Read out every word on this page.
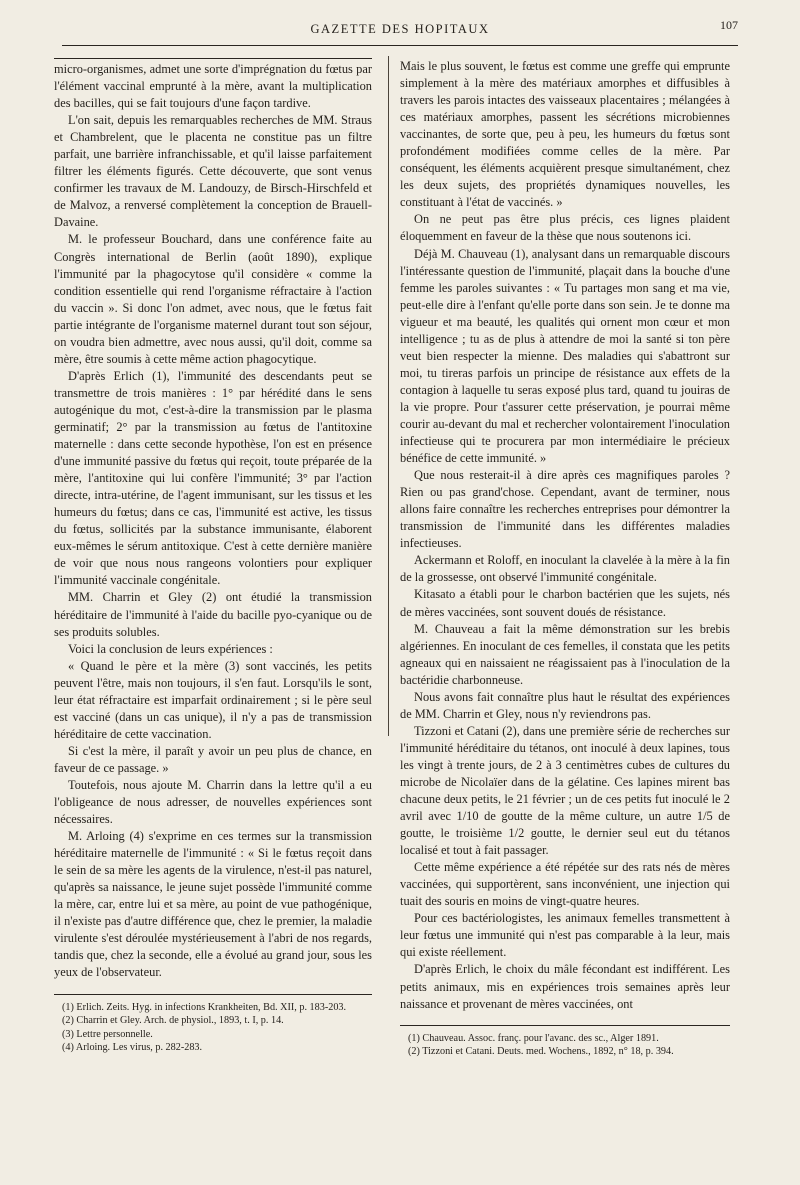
GAZETTE DES HOPITAUX	107

micro-organismes, admet une sorte d'imprégnation du fœtus par l'élément vaccinal emprunté à la mère, avant la multiplication des bacilles, qui se fait toujours d'une façon tardive.

L'on sait, depuis les remarquables recherches de MM. Straus et Chambrelent, que le placenta ne constitue pas un filtre parfait, une barrière infranchissable, et qu'il laisse parfaitement filtrer les éléments figurés. Cette découverte, que sont venus confirmer les travaux de M. Landouzy, de Birsch-Hirschfeld et de Malvoz, a renversé complètement la conception de Brauell-Davaine.

M. le professeur Bouchard, dans une conférence faite au Congrès international de Berlin (août 1890), explique l'immunité par la phagocytose qu'il considère « comme la condition essentielle qui rend l'organisme réfractaire à l'action du vaccin ». Si donc l'on admet, avec nous, que le fœtus fait partie intégrante de l'organisme maternel durant tout son séjour, on voudra bien admettre, avec nous aussi, qu'il doit, comme sa mère, être soumis à cette même action phagocytique.

D'après Erlich (1), l'immunité des descendants peut se transmettre de trois manières : 1° par hérédité dans le sens autogénique du mot, c'est-à-dire la transmission par le plasma germinatif; 2° par la transmission au fœtus de l'antitoxine maternelle : dans cette seconde hypothèse, l'on est en présence d'une immunité passive du fœtus qui reçoit, toute préparée de la mère, l'antitoxine qui lui confère l'immunité; 3° par l'action directe, intra-utérine, de l'agent immunisant, sur les tissus et les humeurs du fœtus; dans ce cas, l'immunité est active, les tissus du fœtus, sollicités par la substance immunisante, élaborent eux-mêmes le sérum antitoxique. C'est à cette dernière manière de voir que nous nous rangeons volontiers pour expliquer l'immunité vaccinale congénitale.

MM. Charrin et Gley (2) ont étudié la transmission héréditaire de l'immunité à l'aide du bacille pyo-cyanique ou de ses produits solubles.

Voici la conclusion de leurs expériences :

« Quand le père et la mère (3) sont vaccinés, les petits peuvent l'être, mais non toujours, il s'en faut. Lorsqu'ils le sont, leur état réfractaire est imparfait ordinairement ; si le père seul est vacciné (dans un cas unique), il n'y a pas de transmission héréditaire de cette vaccination.

Si c'est la mère, il paraît y avoir un peu plus de chance, en faveur de ce passage. »

Toutefois, nous ajoute M. Charrin dans la lettre qu'il a eu l'obligeance de nous adresser, de nouvelles expériences sont nécessaires.

M. Arloing (4) s'exprime en ces termes sur la transmission héréditaire maternelle de l'immunité : « Si le fœtus reçoit dans le sein de sa mère les agents de la virulence, n'est-il pas naturel, qu'après sa naissance, le jeune sujet possède l'immunité comme la mère, car, entre lui et sa mère, au point de vue pathogénique, il n'existe pas d'autre différence que, chez le premier, la maladie virulente s'est déroulée mystérieusement à l'abri de nos regards, tandis que, chez la seconde, elle a évolué au grand jour, sous les yeux de l'observateur.

(1) Erlich. Zeits. Hyg. in infections Krankheiten, Bd. XII, p. 183-203.
(2) Charrin et Gley. Arch. de physiol., 1893, t. I, p. 14.
(3) Lettre personnelle.
(4) Arloing. Les virus, p. 282-283.

Mais le plus souvent, le fœtus est comme une greffe qui emprunte simplement à la mère des matériaux amorphes et diffusibles à travers les parois intactes des vaisseaux placentaires ; mélangées à ces matériaux amorphes, passent les sécrétions microbiennes vaccinantes, de sorte que, peu à peu, les humeurs du fœtus sont profondément modifiées comme celles de la mère. Par conséquent, les éléments acquièrent presque simultanément, chez les deux sujets, des propriétés dynamiques nouvelles, les constituant à l'état de vaccinés. »

On ne peut pas être plus précis, ces lignes plaident éloquemment en faveur de la thèse que nous soutenons ici.

Déjà M. Chauveau (1), analysant dans un remarquable discours l'intéressante question de l'immunité, plaçait dans la bouche d'une femme les paroles suivantes : « Tu partages mon sang et ma vie, peut-elle dire à l'enfant qu'elle porte dans son sein. Je te donne ma vigueur et ma beauté, les qualités qui ornent mon cœur et mon intelligence ; tu as de plus à attendre de moi la santé si ton père veut bien respecter la mienne. Des maladies qui s'abattront sur moi, tu tireras parfois un principe de résistance aux effets de la contagion à laquelle tu seras exposé plus tard, quand tu jouiras de la vie propre. Pour t'assurer cette préservation, je pourrai même courir au-devant du mal et rechercher volontairement l'inoculation infectieuse qui te procurera par mon intermédiaire le précieux bénéfice de cette immunité. »

Que nous resterait-il à dire après ces magnifiques paroles ? Rien ou pas grand'chose. Cependant, avant de terminer, nous allons faire connaître les recherches entreprises pour démontrer la transmission de l'immunité dans les différentes maladies infectieuses.

Ackermann et Roloff, en inoculant la clavelée à la mère à la fin de la grossesse, ont observé l'immunité congénitale.

Kitasato a établi pour le charbon bactérien que les sujets, nés de mères vaccinées, sont souvent doués de résistance.

M. Chauveau a fait la même démonstration sur les brebis algériennes. En inoculant de ces femelles, il constata que les petits agneaux qui en naissaient ne réagissaient pas à l'inoculation de la bactéridie charbonneuse.

Nous avons fait connaître plus haut le résultat des expériences de MM. Charrin et Gley, nous n'y reviendrons pas.

Tizzoni et Catani (2), dans une première série de recherches sur l'immunité héréditaire du tétanos, ont inoculé à deux lapines, tous les vingt à trente jours, de 2 à 3 centimètres cubes de cultures du microbe de Nicolaïer dans de la gélatine. Ces lapines mirent bas chacune deux petits, le 21 février ; un de ces petits fut inoculé le 2 avril avec 1/10 de goutte de la même culture, un autre 1/5 de goutte, le troisième 1/2 goutte, le dernier seul eut du tétanos localisé et tout à fait passager.

Cette même expérience a été répétée sur des rats nés de mères vaccinées, qui supportèrent, sans inconvénient, une injection qui tuait des souris en moins de vingt-quatre heures.

Pour ces bactériologistes, les animaux femelles transmettent à leur fœtus une immunité qui n'est pas comparable à la leur, mais qui existe réellement.

D'après Erlich, le choix du mâle fécondant est indifférent. Les petits animaux, mis en expériences trois semaines après leur naissance et provenant de mères vaccinées, ont

(1) Chauveau. Assoc. franç. pour l'avanc. des sc., Alger 1891.
(2) Tizzoni et Catani. Deuts. med. Wochens., 1892, n° 18, p. 394.
